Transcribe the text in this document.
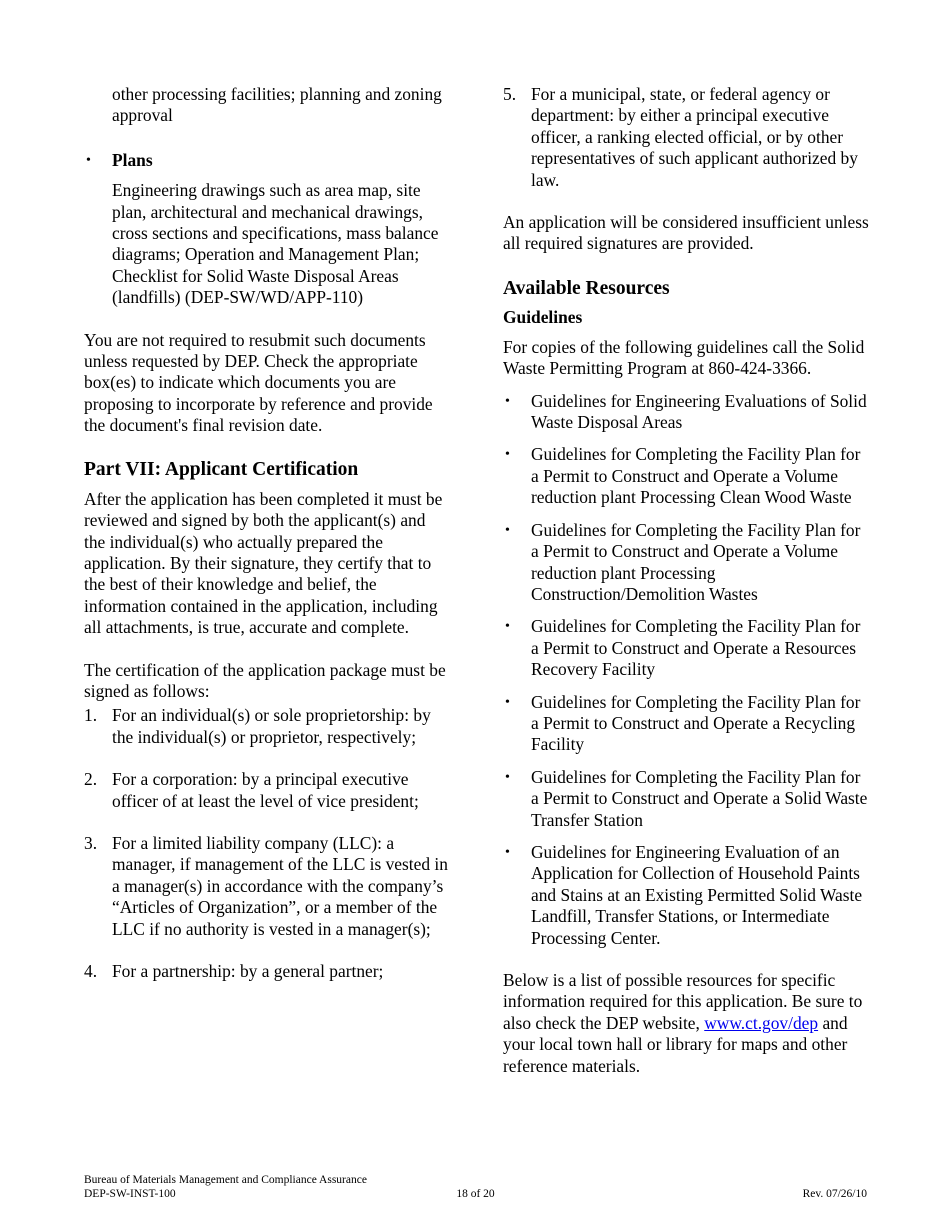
other processing facilities; planning and zoning approval

•	Plans

Engineering drawings such as area map, site plan, architectural and mechanical drawings, cross sections and specifications, mass balance diagrams; Operation and Management Plan; Checklist for Solid Waste Disposal Areas (landfills) (DEP-SW/WD/APP-110)

You are not required to resubmit such documents unless requested by DEP. Check the appropriate box(es) to indicate which documents you are proposing to incorporate by reference and provide the document's final revision date.

Part VII: Applicant Certification

After the application has been completed it must be reviewed and signed by both the applicant(s) and the individual(s) who actually prepared the application. By their signature, they certify that to the best of their knowledge and belief, the information contained in the application, including all attachments, is true, accurate and complete.

The certification of the application package must be signed as follows:

1. For an individual(s) or sole proprietorship: by the individual(s) or proprietor, respectively;
2. For a corporation: by a principal executive officer of at least the level of vice president;
3. For a limited liability company (LLC): a manager, if management of the LLC is vested in a manager(s) in accordance with the company’s “Articles of Organization”, or a member of the LLC if no authority is vested in a manager(s);
4. For a partnership: by a general partner;
5. For a municipal, state, or federal agency or department: by either a principal executive officer, a ranking elected official, or by other representatives of such applicant authorized by law.

An application will be considered insufficient unless all required signatures are provided.

Available Resources
Guidelines

For copies of the following guidelines call the Solid Waste Permitting Program at 860-424-3366.

•	Guidelines for Engineering Evaluations of Solid Waste Disposal Areas
•	Guidelines for Completing the Facility Plan for a Permit to Construct and Operate a Volume reduction plant Processing Clean Wood Waste
•	Guidelines for Completing the Facility Plan for a Permit to Construct and Operate a Volume reduction plant Processing Construction/Demolition Wastes
•	Guidelines for Completing the Facility Plan for a Permit to Construct and Operate a Resources Recovery Facility
•	Guidelines for Completing the Facility Plan for a Permit to Construct and Operate a Recycling Facility
•	Guidelines for Completing the Facility Plan for a Permit to Construct and Operate a Solid Waste Transfer Station
•	Guidelines for Engineering Evaluation of an Application for Collection of Household Paints and Stains at an Existing Permitted Solid Waste Landfill, Transfer Stations, or Intermediate Processing Center.

Below is a list of possible resources for specific information required for this application. Be sure to also check the DEP website, www.ct.gov/dep and your local town hall or library for maps and other reference materials.

Bureau of Materials Management and Compliance Assurance
DEP-SW-INST-100	18 of 20	Rev. 07/26/10
